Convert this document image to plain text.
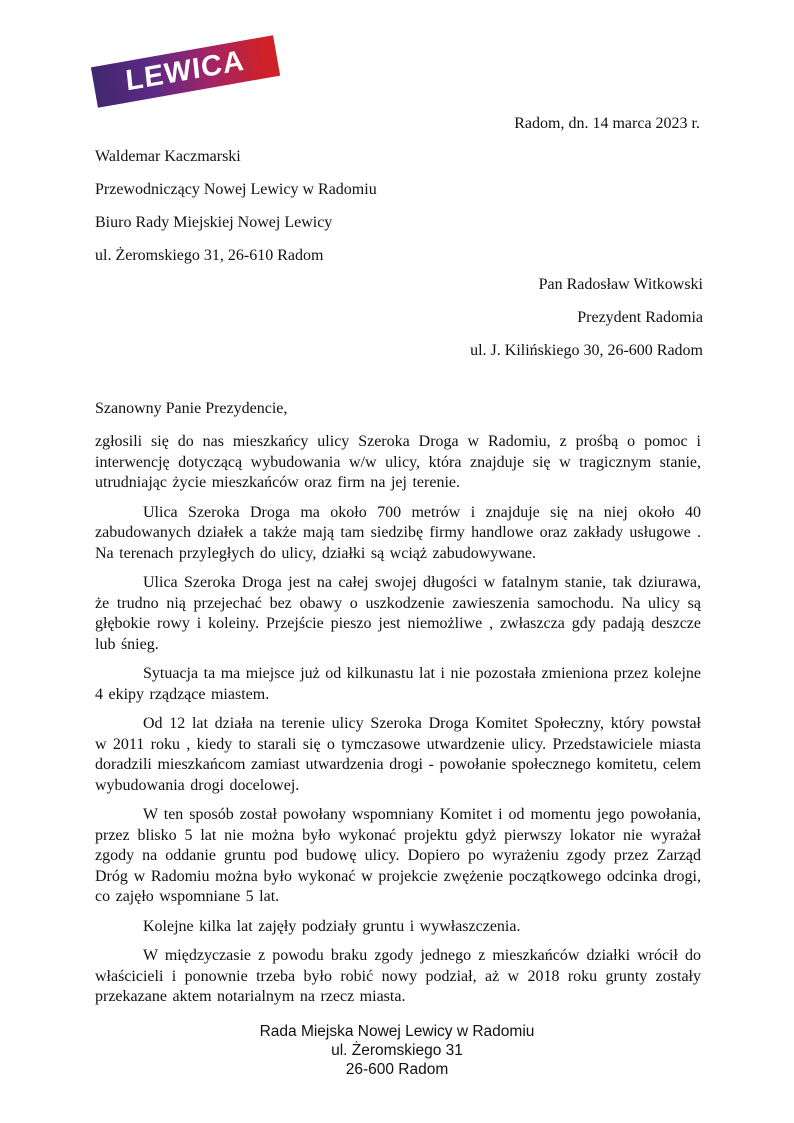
LEWICA
Radom, dn. 14 marca 2023 r.

Waldemar Kaczmarski

Przewodniczący Nowej Lewicy w Radomiu

Biuro Rady Miejskiej Nowej Lewicy

ul. Żeromskiego 31, 26-610 Radom

Pan Radosław Witkowski

Prezydent Radomia

ul. J. Kilińskiego 30, 26-600 Radom

Szanowny Panie Prezydencie,

zgłosili się do nas mieszkańcy ulicy Szeroka Droga w Radomiu, z prośbą o pomoc i interwencję dotyczącą wybudowania w/w ulicy, która znajduje się w tragicznym stanie, utrudniając życie mieszkańców oraz firm na jej terenie.

Ulica Szeroka Droga ma około 700 metrów i znajduje się na niej około 40 zabudowanych działek a także mają tam siedzibę firmy handlowe oraz zakłady usługowe . Na terenach przyległych do ulicy, działki są wciąż zabudowywane.

Ulica Szeroka Droga jest na całej swojej długości w fatalnym stanie, tak dziurawa, że trudno nią przejechać bez obawy o uszkodzenie zawieszenia samochodu. Na ulicy są głębokie rowy i koleiny. Przejście pieszo jest niemożliwe , zwłaszcza gdy padają deszcze lub śnieg.

Sytuacja ta ma miejsce już od kilkunastu lat i nie pozostała zmieniona przez kolejne 4 ekipy rządzące miastem.

Od 12 lat działa na terenie ulicy Szeroka Droga Komitet Społeczny, który powstał w 2011 roku , kiedy to starali się o tymczasowe utwardzenie ulicy. Przedstawiciele miasta doradzili mieszkańcom zamiast utwardzenia drogi - powołanie społecznego komitetu, celem wybudowania drogi docelowej.

W ten sposób został powołany wspomniany Komitet i od momentu jego powołania, przez blisko 5 lat nie można było wykonać projektu gdyż pierwszy lokator nie wyrażał zgody na oddanie gruntu pod budowę ulicy. Dopiero po wyrażeniu zgody przez Zarząd Dróg w Radomiu można było wykonać w projekcie zwężenie początkowego odcinka drogi, co zajęło wspomniane 5 lat.

Kolejne kilka lat zajęły podziały gruntu i wywłaszczenia.

W międzyczasie z powodu braku zgody jednego z mieszkańców działki wrócił do właścicieli i ponownie trzeba było robić nowy podział, aż w 2018 roku grunty zostały przekazane aktem notarialnym na rzecz miasta.

Rada Miejska Nowej Lewicy w Radomiu

ul. Żeromskiego 31

26-600 Radom
